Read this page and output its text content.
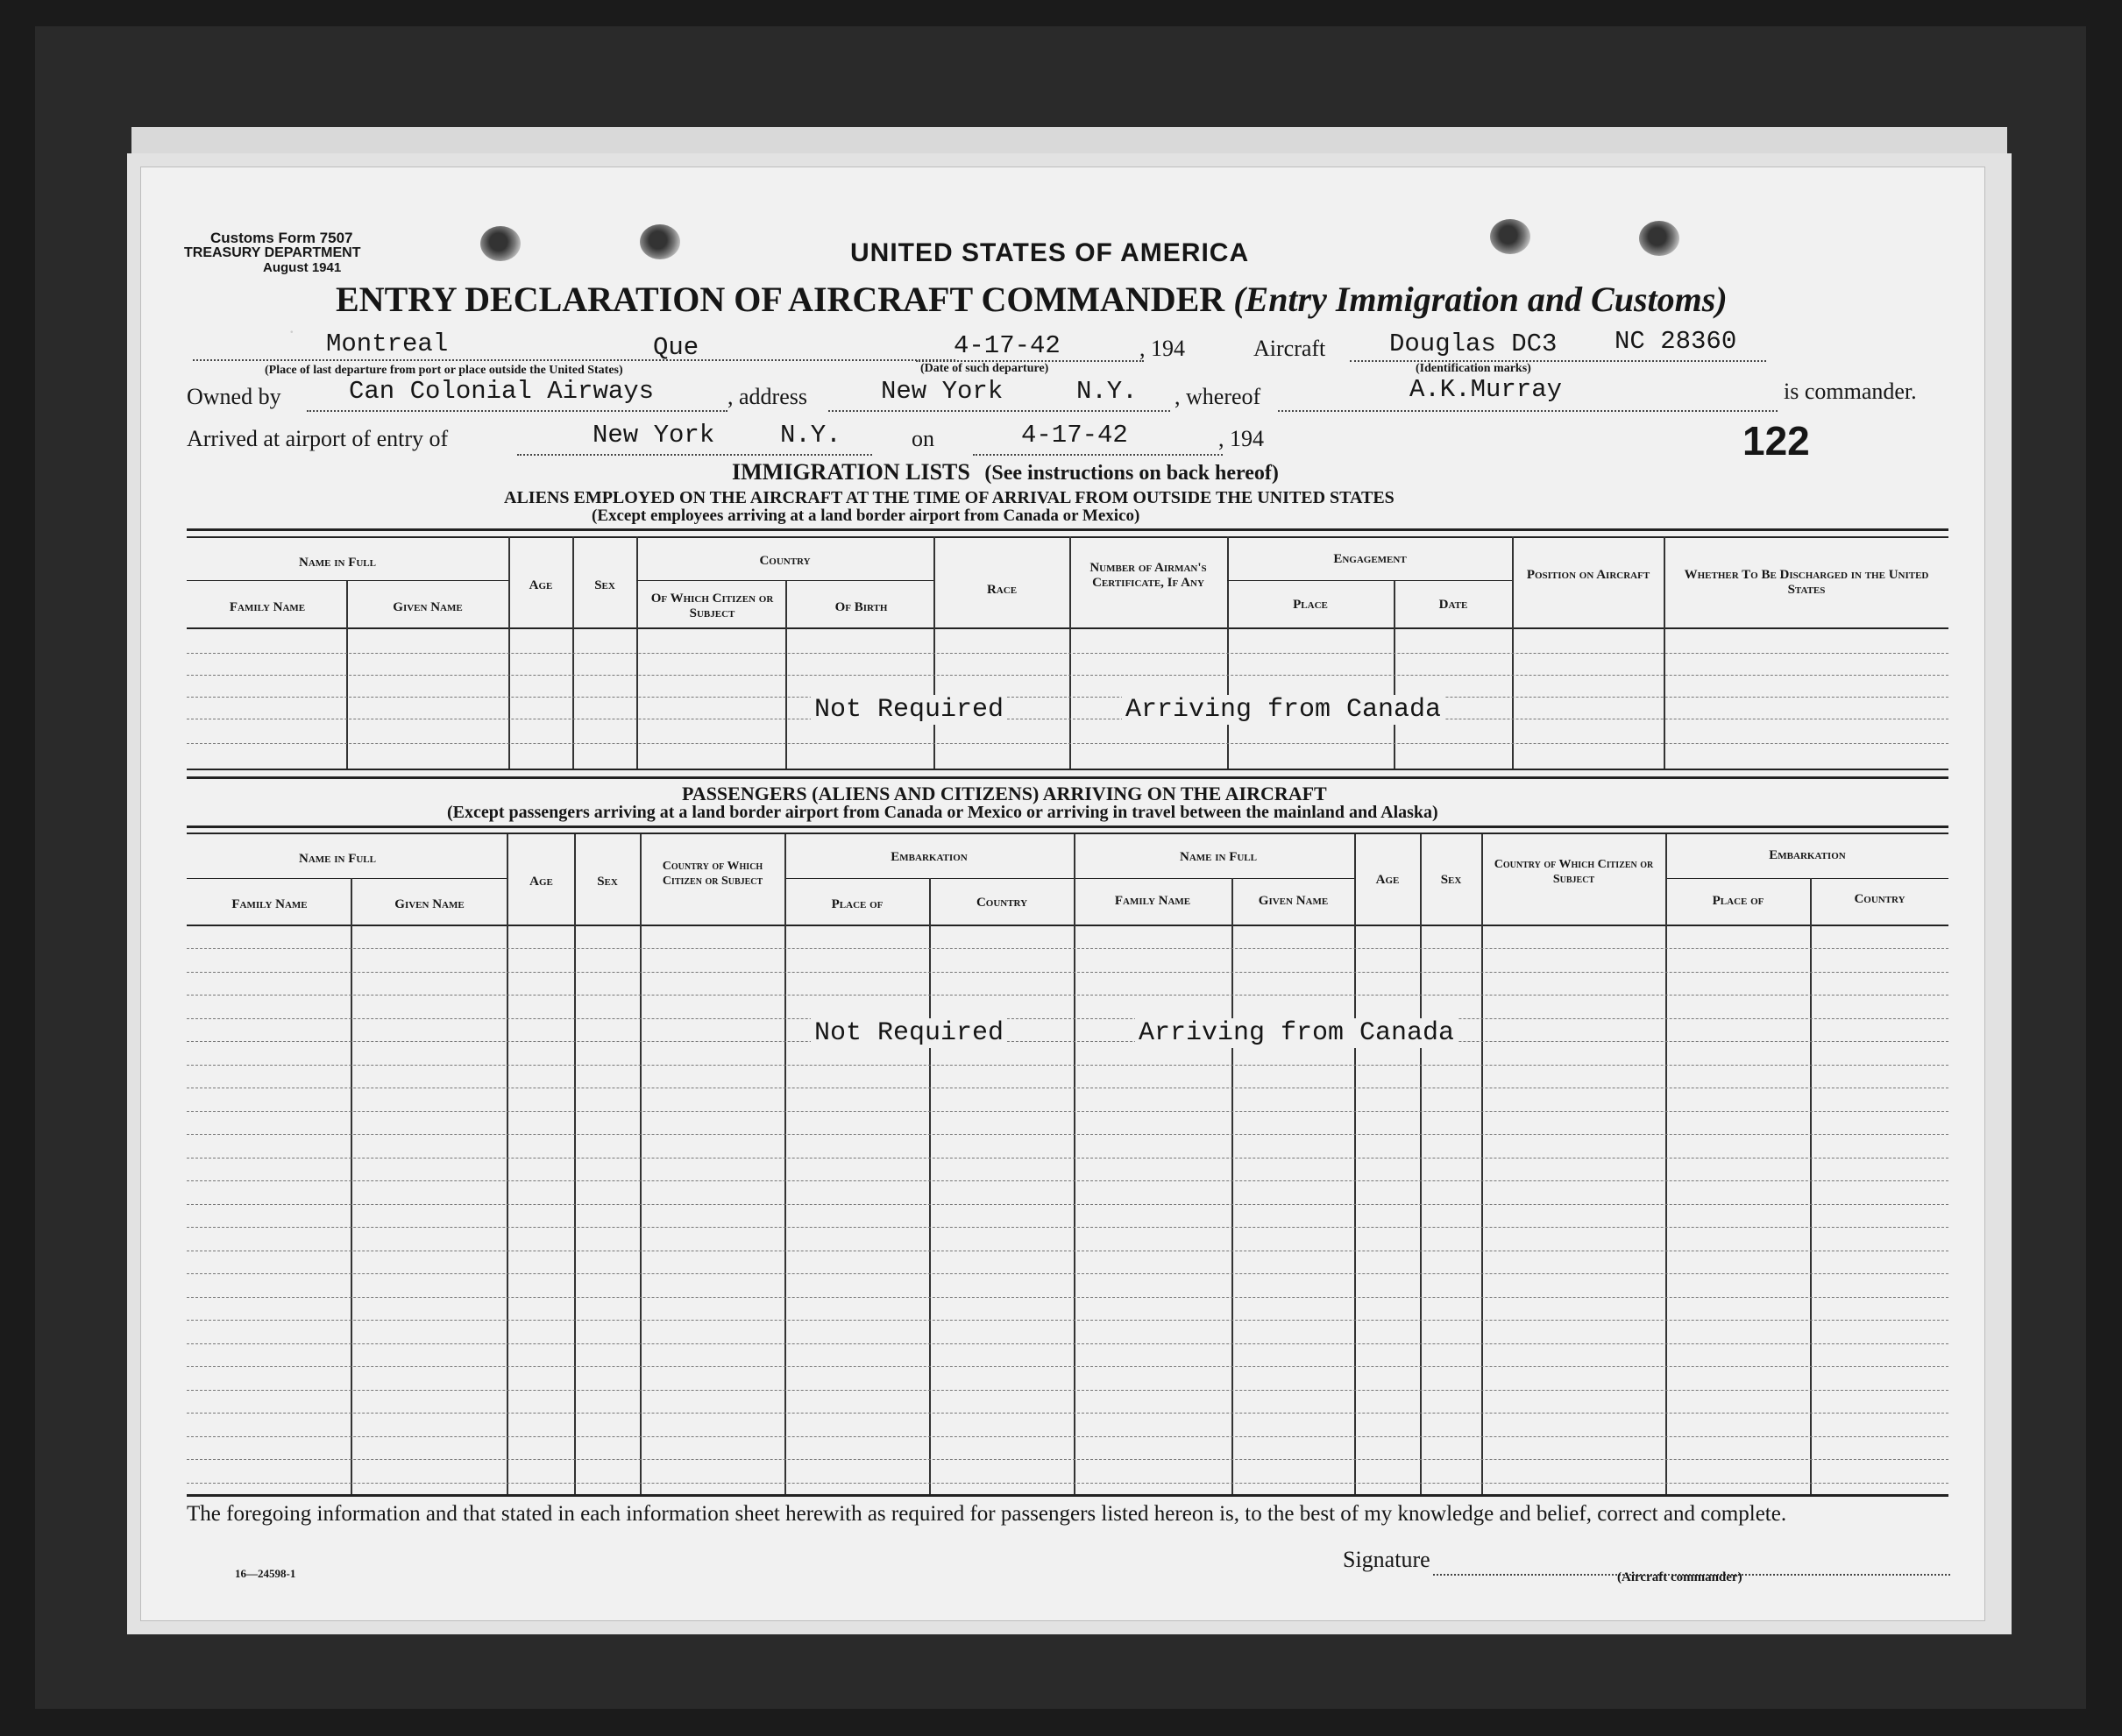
.
Customs Form 7507
TREASURY DEPARTMENT
August 1941
UNITED STATES OF AMERICA
ENTRY DECLARATION OF AIRCRAFT COMMANDER (Entry Immigration and Customs)
Montreal	Que
(Place of last departure from port or place outside the United States)
4-17-42
(Date of such departure)
, 194	Aircraft	Douglas DC3 NC 28360
(Identification marks)
Owned by	Can Colonial Airways	, address	New York	N.Y. , whereof	A.K.Murray	is commander.
Arrived at airport of entry of	New York	N.Y.	on	4-17-42	, 194	122
IMMIGRATION LISTS (See instructions on back hereof)
ALIENS EMPLOYED ON THE AIRCRAFT AT THE TIME OF ARRIVAL FROM OUTSIDE THE UNITED STATES
(Except employees arriving at a land border airport from Canada or Mexico)
Name in Full
Family Name	Given Name
Age	Sex
Country
Of Which Citizen or Subject	Of Birth
Race
Number of Airman's Certificate, If Any
Engagement
Place	Date
Position on Aircraft	Whether To Be Discharged in the United States
Not Required	Arriving from Canada
PASSENGERS (ALIENS AND CITIZENS) ARRIVING ON THE AIRCRAFT
(Except passengers arriving at a land border airport from Canada or Mexico or arriving in travel between the mainland and Alaska)
Name in Full
Family Name	Given Name
Age	Sex
Country of Which Citizen or Subject
Embarkation
Place of	Country
Name in Full
Family Name	Given Name
Age	Sex
Country of Which Citizen or Subject
Embarkation
Place of	Country
Not Required	Arriving from Canada
The foregoing information and that stated in each information sheet herewith as required for passengers listed hereon is, to the best of my knowledge and belief, correct and complete.
16—24598-1
Signature
(Aircraft commander)
